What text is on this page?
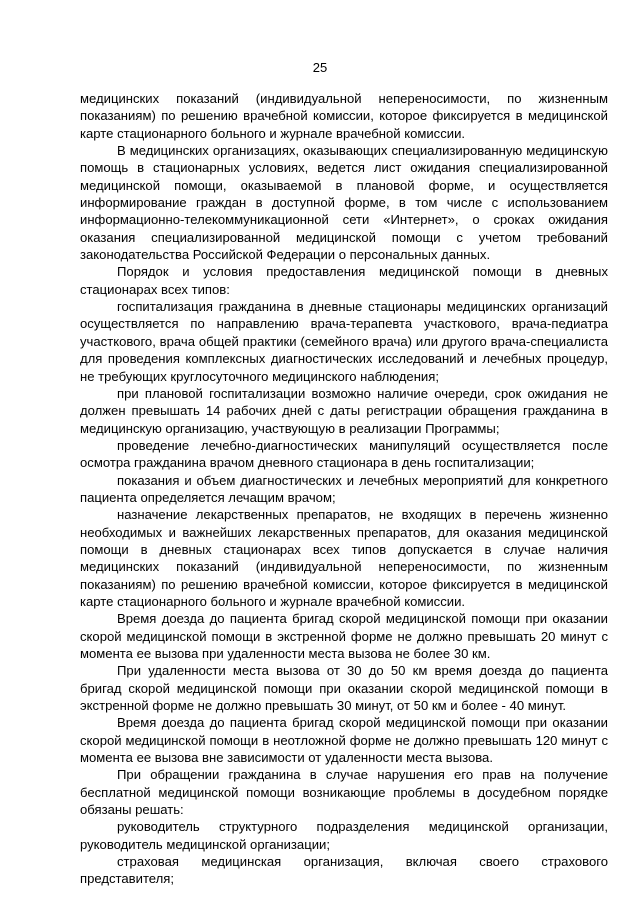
25

медицинских показаний (индивидуальной непереносимости, по жизненным показаниям) по решению врачебной комиссии, которое фиксируется в медицинской карте стационарного больного и журнале врачебной комиссии.

В медицинских организациях, оказывающих специализированную медицинскую помощь в стационарных условиях, ведется лист ожидания специализированной медицинской помощи, оказываемой в плановой форме, и осуществляется информирование граждан в доступной форме, в том числе с использованием информационно-телекоммуникационной сети «Интернет», о сроках ожидания оказания специализированной медицинской помощи с учетом требований законодательства Российской Федерации о персональных данных.

Порядок и условия предоставления медицинской помощи в дневных стационарах всех типов:

госпитализация гражданина в дневные стационары медицинских организаций осуществляется по направлению врача-терапевта участкового, врача-педиатра участкового, врача общей практики (семейного врача) или другого врача-специалиста для проведения комплексных диагностических исследований и лечебных процедур, не требующих круглосуточного медицинского наблюдения;

при плановой госпитализации возможно наличие очереди, срок ожидания не должен превышать 14 рабочих дней с даты регистрации обращения гражданина в медицинскую организацию, участвующую в реализации Программы;

проведение лечебно-диагностических манипуляций осуществляется после осмотра гражданина врачом дневного стационара в день госпитализации;

показания и объем диагностических и лечебных мероприятий для конкретного пациента определяется лечащим врачом;

назначение лекарственных препаратов, не входящих в перечень жизненно необходимых и важнейших лекарственных препаратов, для оказания медицинской помощи в дневных стационарах всех типов допускается в случае наличия медицинских показаний (индивидуальной непереносимости, по жизненным показаниям) по решению врачебной комиссии, которое фиксируется в медицинской карте стационарного больного и журнале врачебной комиссии.

Время доезда до пациента бригад скорой медицинской помощи при оказании скорой медицинской помощи в экстренной форме не должно превышать 20 минут с момента ее вызова при удаленности места вызова не более 30 км.

При удаленности места вызова от 30 до 50 км время доезда до пациента бригад скорой медицинской помощи при оказании скорой медицинской помощи в экстренной форме не должно превышать 30 минут, от 50 км и более - 40 минут.

Время доезда до пациента бригад скорой медицинской помощи при оказании скорой медицинской помощи в неотложной форме не должно превышать 120 минут с момента ее вызова вне зависимости от удаленности места вызова.

При обращении гражданина в случае нарушения его прав на получение бесплатной медицинской помощи возникающие проблемы в досудебном порядке обязаны решать:

руководитель структурного подразделения медицинской организации, руководитель медицинской организации;

страховая медицинская организация, включая своего страхового представителя;
